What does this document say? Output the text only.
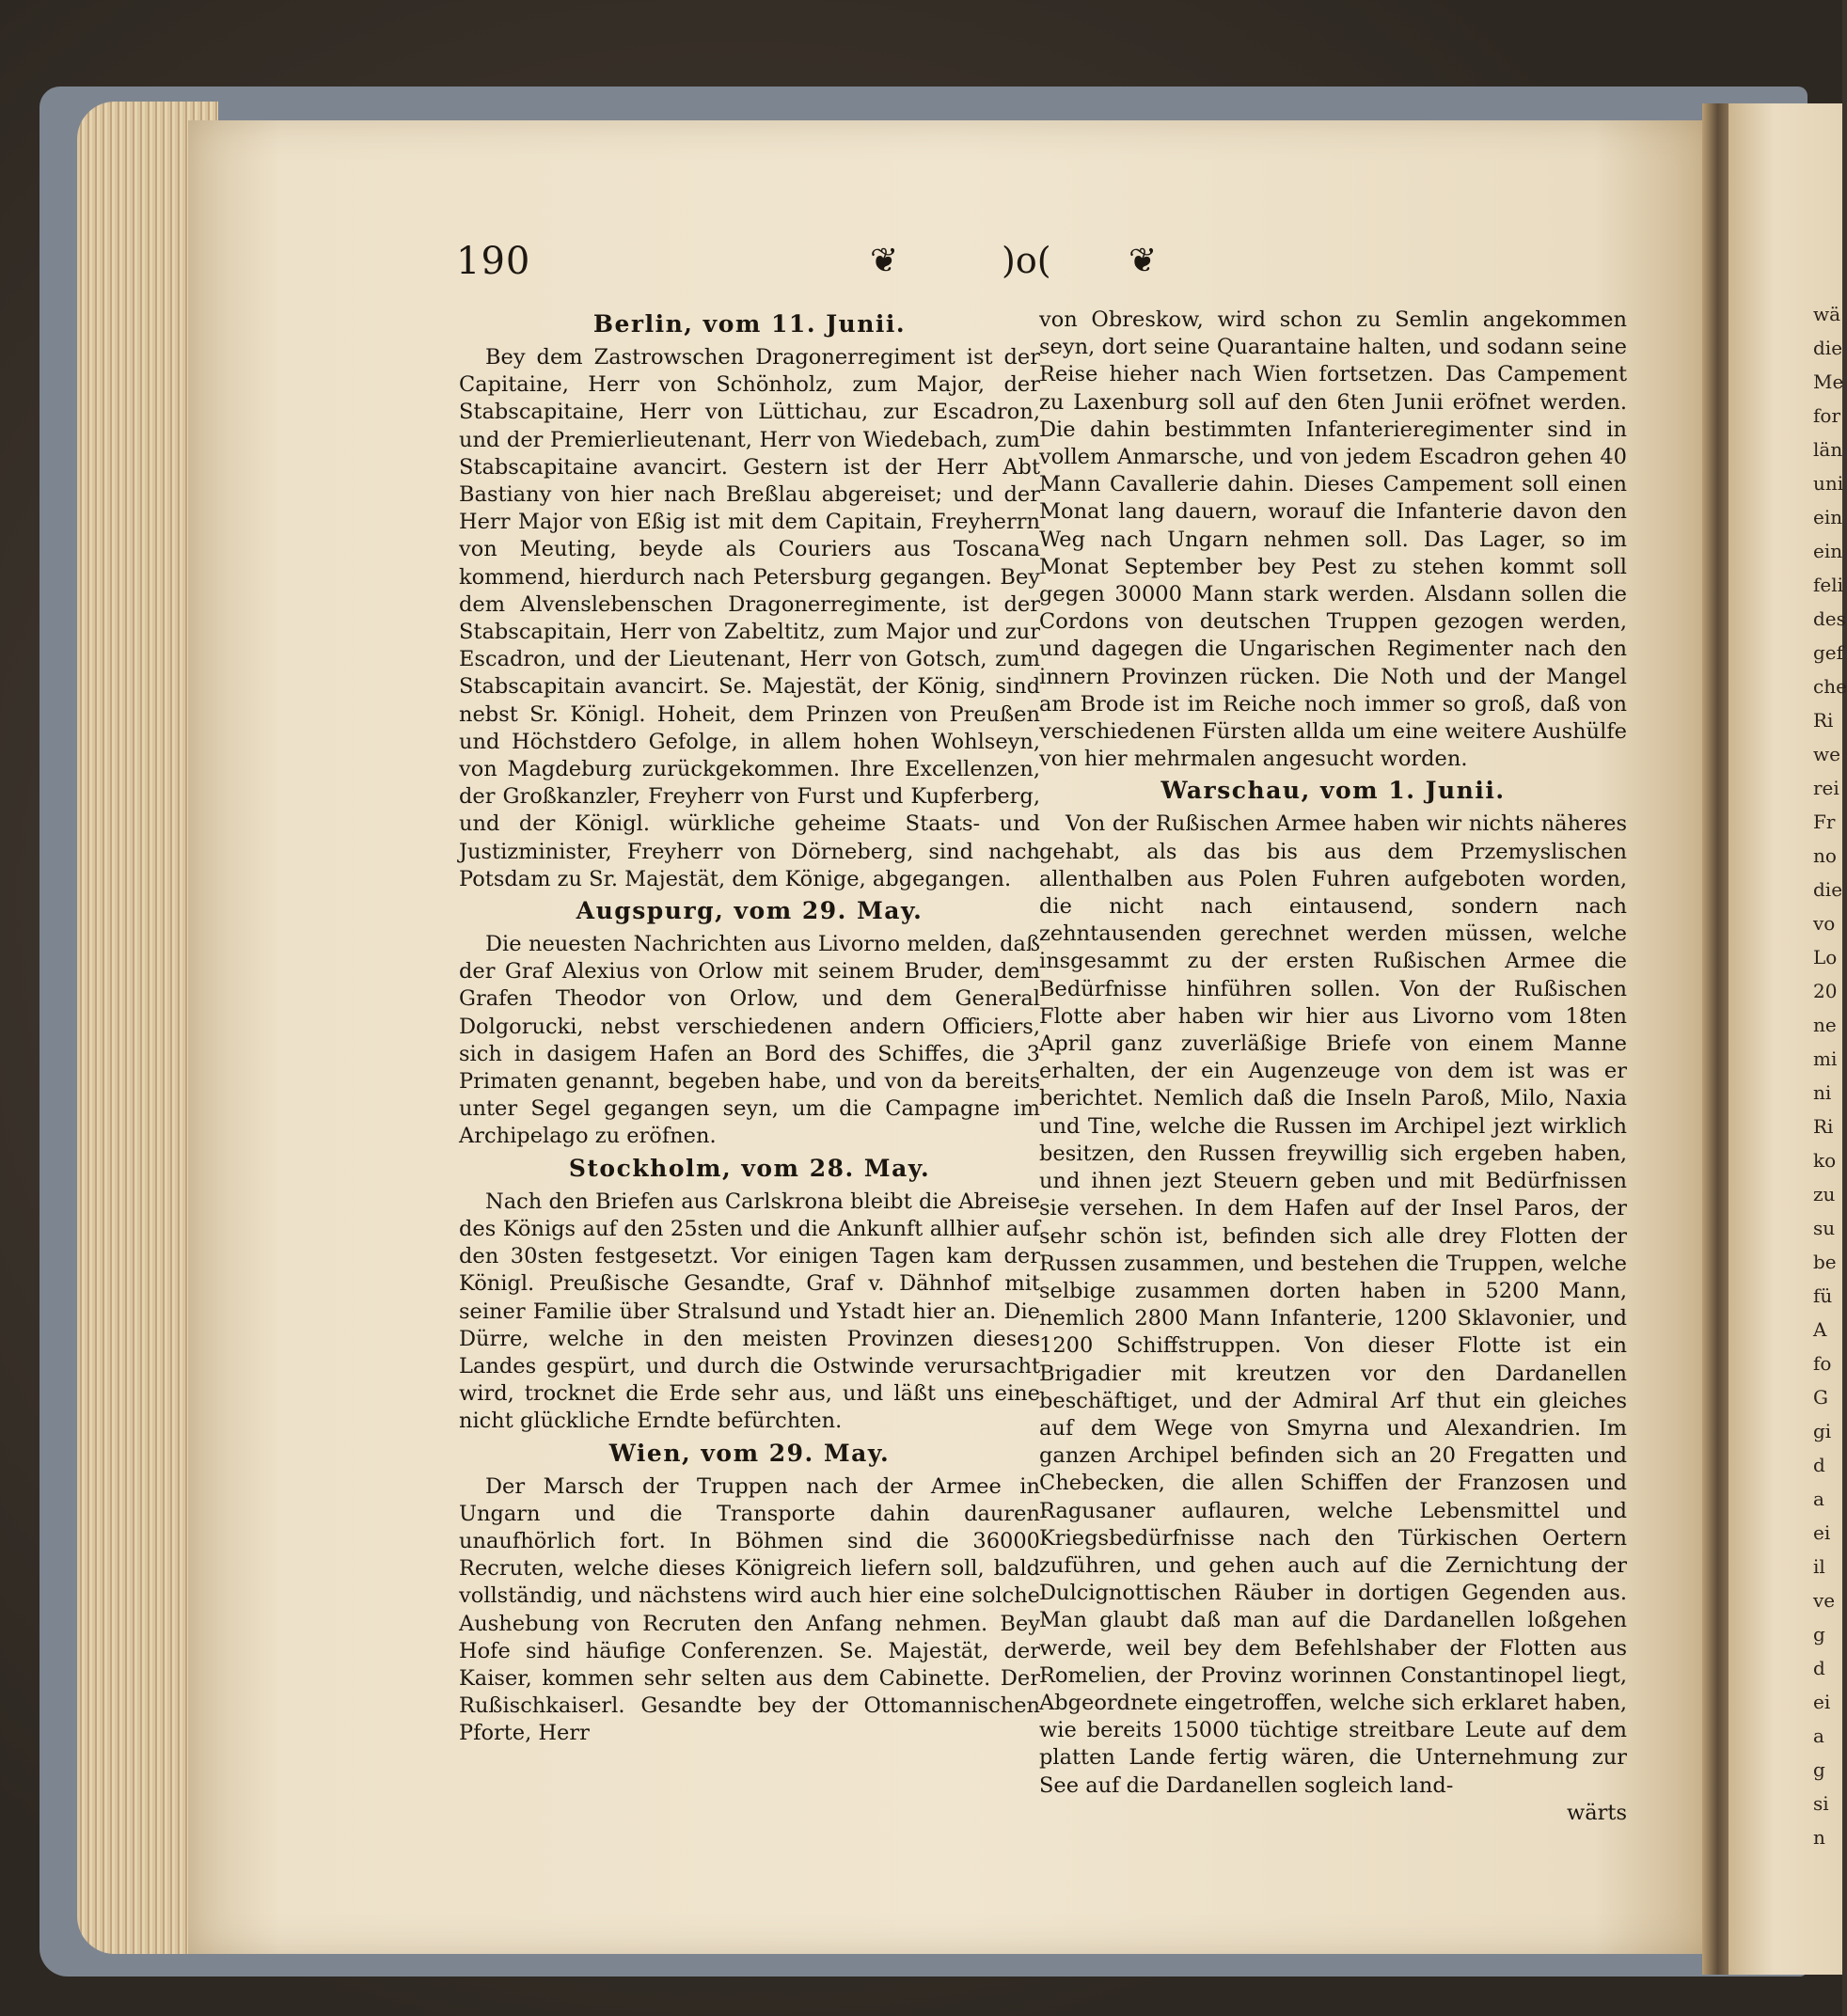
wä
die
Me
for
län
uni
ein
ein
feli
des
gef
che
Ri
we
rei
Fr
no
die
vo
Lo
20
ne
mi
ni
Ri
ko
zu
su
be
fü
A
fo
G
gi
d
a
ei
il
ve
g
d
ei
a
g
si
n
190	❦	)o( ❦
Berlin, vom 11. Junii.

Bey dem Zastrowschen Dragonerregiment ist der Capitaine, Herr von Schönholz, zum Major, der Stabscapitaine, Herr von Lüttichau, zur Escadron, und der Premierlieutenant, Herr von Wiedebach, zum Stabscapitaine avancirt. Gestern ist der Herr Abt Bastiany von hier nach Breßlau abgereiset; und der Herr Major von Eßig ist mit dem Capitain, Freyherrn von Meuting, beyde als Couriers aus Toscana kommend, hierdurch nach Petersburg gegangen. Bey dem Alvenslebenschen Dragonerregimente, ist der Stabscapitain, Herr von Zabeltitz, zum Major und zur Escadron, und der Lieutenant, Herr von Gotsch, zum Stabscapitain avancirt. Se. Majestät, der König, sind nebst Sr. Königl. Hoheit, dem Prinzen von Preußen und Höchstdero Gefolge, in allem hohen Wohlseyn, von Magdeburg zurückgekommen. Ihre Excellenzen, der Großkanzler, Freyherr von Furst und Kupferberg, und der Königl. würkliche geheime Staats- und Justizminister, Freyherr von Dörneberg, sind nach Potsdam zu Sr. Majestät, dem Könige, abgegangen.

Augspurg, vom 29. May.

Die neuesten Nachrichten aus Livorno melden, daß der Graf Alexius von Orlow mit seinem Bruder, dem Grafen Theodor von Orlow, und dem General Dolgorucki, nebst verschiedenen andern Officiers, sich in dasigem Hafen an Bord des Schiffes, die 3 Primaten genannt, begeben habe, und von da bereits unter Segel gegangen seyn, um die Campagne im Archipelago zu eröfnen.

Stockholm, vom 28. May.

Nach den Briefen aus Carlskrona bleibt die Abreise des Königs auf den 25sten und die Ankunft allhier auf den 30sten festgesetzt. Vor einigen Tagen kam der Königl. Preußische Gesandte, Graf v. Dähnhof mit seiner Familie über Stralsund und Ystadt hier an. Die Dürre, welche in den meisten Provinzen dieses Landes gespürt, und durch die Ostwinde verursacht wird, trocknet die Erde sehr aus, und läßt uns eine nicht glückliche Erndte befürchten.

Wien, vom 29. May.

Der Marsch der Truppen nach der Armee in Ungarn und die Transporte dahin dauren unaufhörlich fort. In Böhmen sind die 36000 Recruten, welche dieses Königreich liefern soll, bald vollständig, und nächstens wird auch hier eine solche Aushebung von Recruten den Anfang nehmen. Bey Hofe sind häufige Conferenzen. Se. Majestät, der Kaiser, kommen sehr selten aus dem Cabinette. Der Rußischkaiserl. Gesandte bey der Ottomannischen Pforte, Herr

von Obreskow, wird schon zu Semlin angekommen seyn, dort seine Quarantaine halten, und sodann seine Reise hieher nach Wien fortsetzen. Das Campement zu Laxenburg soll auf den 6ten Junii eröfnet werden. Die dahin bestimmten Infanterieregimenter sind in vollem Anmarsche, und von jedem Escadron gehen 40 Mann Cavallerie dahin. Dieses Campement soll einen Monat lang dauern, worauf die Infanterie davon den Weg nach Ungarn nehmen soll. Das Lager, so im Monat September bey Pest zu stehen kommt soll gegen 30000 Mann stark werden. Alsdann sollen die Cordons von deutschen Truppen gezogen werden, und dagegen die Ungarischen Regimenter nach den innern Provinzen rücken. Die Noth und der Mangel am Brode ist im Reiche noch immer so groß, daß von verschiedenen Fürsten allda um eine weitere Aushülfe von hier mehrmalen angesucht worden.

Warschau, vom 1. Junii.

Von der Rußischen Armee haben wir nichts näheres gehabt, als das bis aus dem Przemyslischen allenthalben aus Polen Fuhren aufgeboten worden, die nicht nach eintausend, sondern nach zehntausenden gerechnet werden müssen, welche insgesammt zu der ersten Rußischen Armee die Bedürfnisse hinführen sollen. Von der Rußischen Flotte aber haben wir hier aus Livorno vom 18ten April ganz zuverläßige Briefe von einem Manne erhalten, der ein Augenzeuge von dem ist was er berichtet. Nemlich daß die Inseln Paroß, Milo, Naxia und Tine, welche die Russen im Archipel jezt wirklich besitzen, den Russen freywillig sich ergeben haben, und ihnen jezt Steuern geben und mit Bedürfnissen sie versehen. In dem Hafen auf der Insel Paros, der sehr schön ist, befinden sich alle drey Flotten der Russen zusammen, und bestehen die Truppen, welche selbige zusammen dorten haben in 5200 Mann, nemlich 2800 Mann Infanterie, 1200 Sklavonier, und 1200 Schiffstruppen. Von dieser Flotte ist ein Brigadier mit kreutzen vor den Dardanellen beschäftiget, und der Admiral Arf thut ein gleiches auf dem Wege von Smyrna und Alexandrien. Im ganzen Archipel befinden sich an 20 Fregatten und Chebecken, die allen Schiffen der Franzosen und Ragusaner auflauren, welche Lebensmittel und Kriegsbedürfnisse nach den Türkischen Oertern zuführen, und gehen auch auf die Zernichtung der Dulcignottischen Räuber in dortigen Gegenden aus. Man glaubt daß man auf die Dardanellen loßgehen werde, weil bey dem Befehlshaber der Flotten aus Romelien, der Provinz worinnen Constantinopel liegt, Abgeordnete eingetroffen, welche sich erklaret haben, wie bereits 15000 tüchtige streitbare Leute auf dem platten Lande fertig wären, die Unternehmung zur See auf die Dardanellen sogleich land-

wärts
